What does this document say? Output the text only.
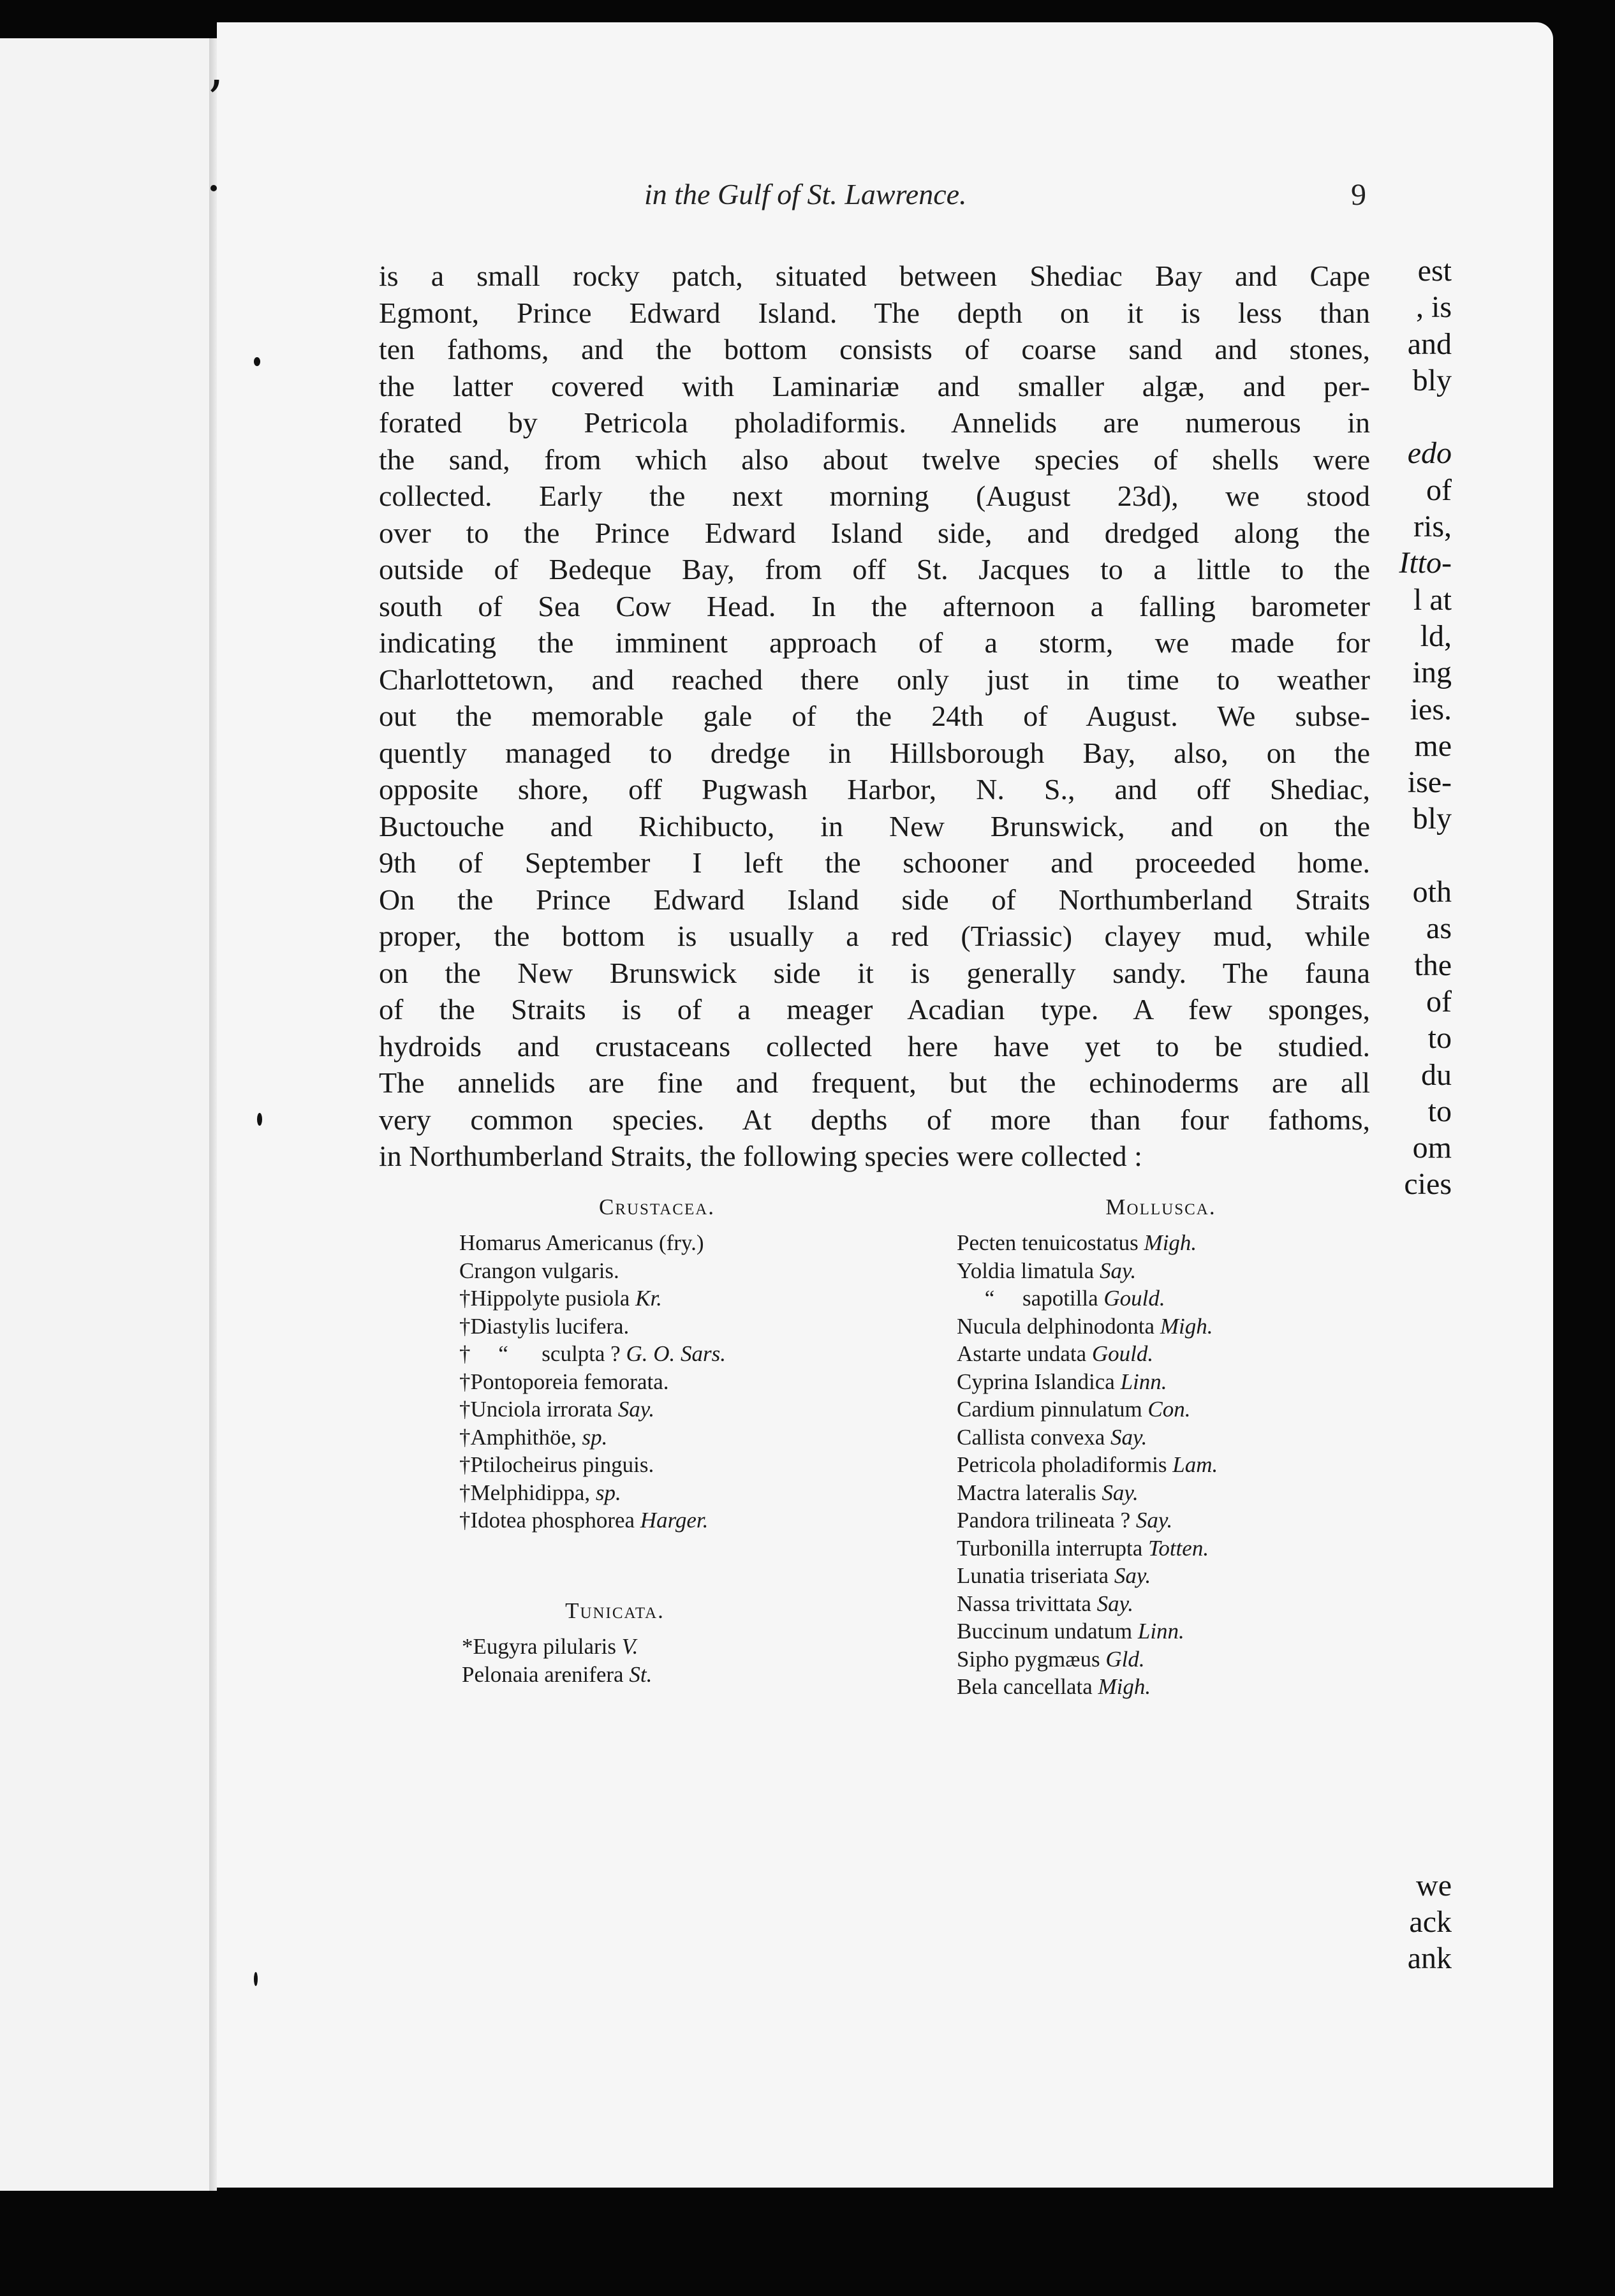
ʼ
est
, is
and
bly

edo
of
ris,
Itto-
l at
ld,
ing
ies.
me
ise-
bly

oth
as
the
of
to
du
to
om
cies
we
ack
ank
in the Gulf of St. Lawrence.	9
is a small rocky patch, situated between Shediac Bay and Cape
Egmont, Prince Edward Island. The depth on it is less than
ten fathoms, and the bottom consists of coarse sand and stones,
the latter covered with Laminariæ and smaller algæ, and per-
forated by Petricola pholadiformis. Annelids are numerous in
the sand, from which also about twelve species of shells were
collected. Early the next morning (August 23d), we stood
over to the Prince Edward Island side, and dredged along the
outside of Bedeque Bay, from off St. Jacques to a little to the
south of Sea Cow Head. In the afternoon a falling barometer
indicating the imminent approach of a storm, we made for
Charlottetown, and reached there only just in time to weather
out the memorable gale of the 24th of August. We subse-
quently managed to dredge in Hillsborough Bay, also, on the
opposite shore, off Pugwash Harbor, N. S., and off Shediac,
Buctouche and Richibucto, in New Brunswick, and on the
9th of September I left the schooner and proceeded home.
On the Prince Edward Island side of Northumberland Straits
proper, the bottom is usually a red (Triassic) clayey mud, while
on the New Brunswick side it is generally sandy. The fauna
of the Straits is of a meager Acadian type. A few sponges,
hydroids and crustaceans collected here have yet to be studied.
The annelids are fine and frequent, but the echinoderms are all
very common species. At depths of more than four fathoms,
in Northumberland Straits, the following species were collected :
Crustacea.
Homarus Americanus (fry.)
Crangon vulgaris.
†Hippolyte pusiola Kr.
†Diastylis lucifera.
†     “      sculpta ? G. O. Sars.
†Pontoporeia femorata.
†Unciola irrorata Say.
†Amphithöe, sp.
†Ptilocheirus pinguis.
†Melphidippa, sp.
†Idotea phosphorea Harger.
Tunicata.
*Eugyra pilularis V.
Pelonaia arenifera St.
Mollusca.
Pecten tenuicostatus Migh.
Yoldia limatula Say.
“     sapotilla Gould.
Nucula delphinodonta Migh.
Astarte undata Gould.
Cyprina Islandica Linn.
Cardium pinnulatum Con.
Callista convexa Say.
Petricola pholadiformis Lam.
Mactra lateralis Say.
Pandora trilineata ? Say.
Turbonilla interrupta Totten.
Lunatia triseriata Say.
Nassa trivittata Say.
Buccinum undatum Linn.
Sipho pygmæus Gld.
Bela cancellata Migh.
